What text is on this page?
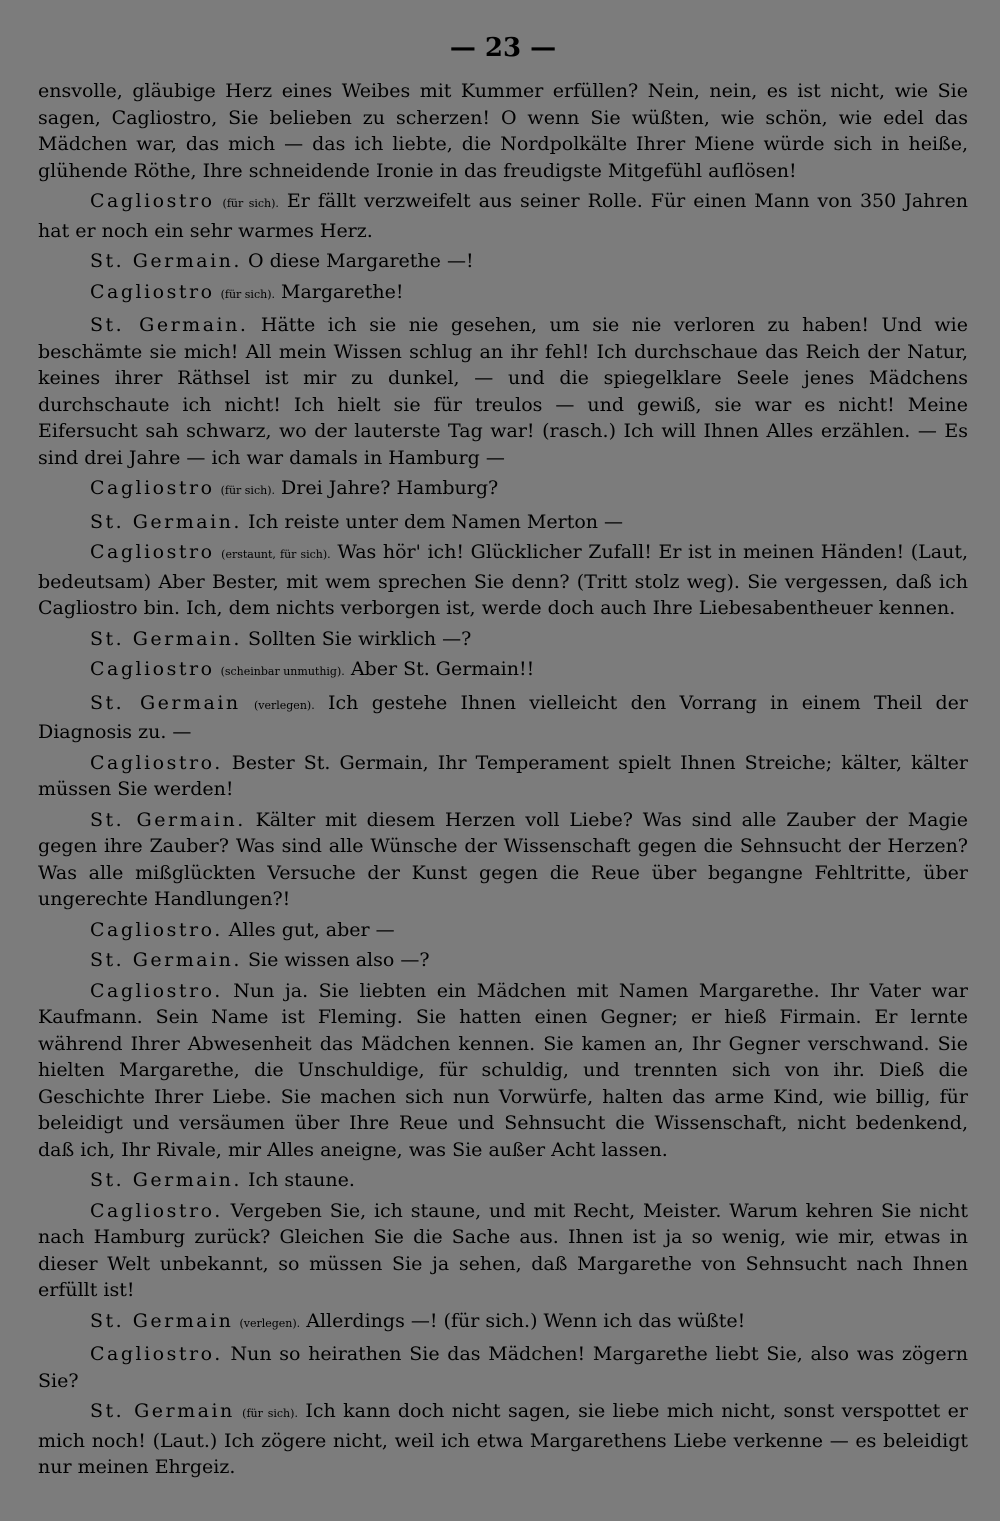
— 23 —

ensvolle, gläubige Herz eines Weibes mit Kummer erfüllen? Nein, nein, es ist nicht, wie Sie sagen, Cagliostro, Sie belieben zu scherzen! O wenn Sie wüßten, wie schön, wie edel das Mädchen war, das mich — das ich liebte, die Nordpolkälte Ihrer Miene würde sich in heiße, glühende Röthe, Ihre schneidende Ironie in das freudigste Mitgefühl auflösen!

Cagliostro (für sich). Er fällt verzweifelt aus seiner Rolle. Für einen Mann von 350 Jahren hat er noch ein sehr warmes Herz.

St. Germain. O diese Margarethe —!

Cagliostro (für sich). Margarethe!

St. Germain. Hätte ich sie nie gesehen, um sie nie verloren zu haben! Und wie beschämte sie mich! All mein Wissen schlug an ihr fehl! Ich durchschaue das Reich der Natur, keines ihrer Räthsel ist mir zu dunkel, — und die spiegelklare Seele jenes Mädchens durchschaute ich nicht! Ich hielt sie für treulos — und gewiß, sie war es nicht! Meine Eifersucht sah schwarz, wo der lauterste Tag war! (rasch.) Ich will Ihnen Alles erzählen. — Es sind drei Jahre — ich war damals in Hamburg —

Cagliostro (für sich). Drei Jahre? Hamburg?

St. Germain. Ich reiste unter dem Namen Merton —

Cagliostro (erstaunt, für sich). Was hör' ich! Glücklicher Zufall! Er ist in meinen Händen! (Laut, bedeutsam) Aber Bester, mit wem sprechen Sie denn? (Tritt stolz weg). Sie vergessen, daß ich Cagliostro bin. Ich, dem nichts verborgen ist, werde doch auch Ihre Liebesabentheuer kennen.

St. Germain. Sollten Sie wirklich —?

Cagliostro (scheinbar unmuthig). Aber St. Germain!!

St. Germain (verlegen). Ich gestehe Ihnen vielleicht den Vorrang in einem Theil der Diagnosis zu. —

Cagliostro. Bester St. Germain, Ihr Temperament spielt Ihnen Streiche; kälter, kälter müssen Sie werden!

St. Germain. Kälter mit diesem Herzen voll Liebe? Was sind alle Zauber der Magie gegen ihre Zauber? Was sind alle Wünsche der Wissenschaft gegen die Sehnsucht der Herzen? Was alle mißglückten Versuche der Kunst gegen die Reue über begangne Fehltritte, über ungerechte Handlungen?!

Cagliostro. Alles gut, aber —

St. Germain. Sie wissen also —?

Cagliostro. Nun ja. Sie liebten ein Mädchen mit Namen Margarethe. Ihr Vater war Kaufmann. Sein Name ist Fleming. Sie hatten einen Gegner; er hieß Firmain. Er lernte während Ihrer Abwesenheit das Mädchen kennen. Sie kamen an, Ihr Gegner verschwand. Sie hielten Margarethe, die Unschuldige, für schuldig, und trennten sich von ihr. Dieß die Geschichte Ihrer Liebe. Sie machen sich nun Vorwürfe, halten das arme Kind, wie billig, für beleidigt und versäumen über Ihre Reue und Sehnsucht die Wissenschaft, nicht bedenkend, daß ich, Ihr Rivale, mir Alles aneigne, was Sie außer Acht lassen.

St. Germain. Ich staune.

Cagliostro. Vergeben Sie, ich staune, und mit Recht, Meister. Warum kehren Sie nicht nach Hamburg zurück? Gleichen Sie die Sache aus. Ihnen ist ja so wenig, wie mir, etwas in dieser Welt unbekannt, so müssen Sie ja sehen, daß Margarethe von Sehnsucht nach Ihnen erfüllt ist!

St. Germain (verlegen). Allerdings —! (für sich.) Wenn ich das wüßte!

Cagliostro. Nun so heirathen Sie das Mädchen! Margarethe liebt Sie, also was zögern Sie?

St. Germain (für sich). Ich kann doch nicht sagen, sie liebe mich nicht, sonst verspottet er mich noch! (Laut.) Ich zögere nicht, weil ich etwa Margarethens Liebe verkenne — es beleidigt nur meinen Ehrgeiz.
